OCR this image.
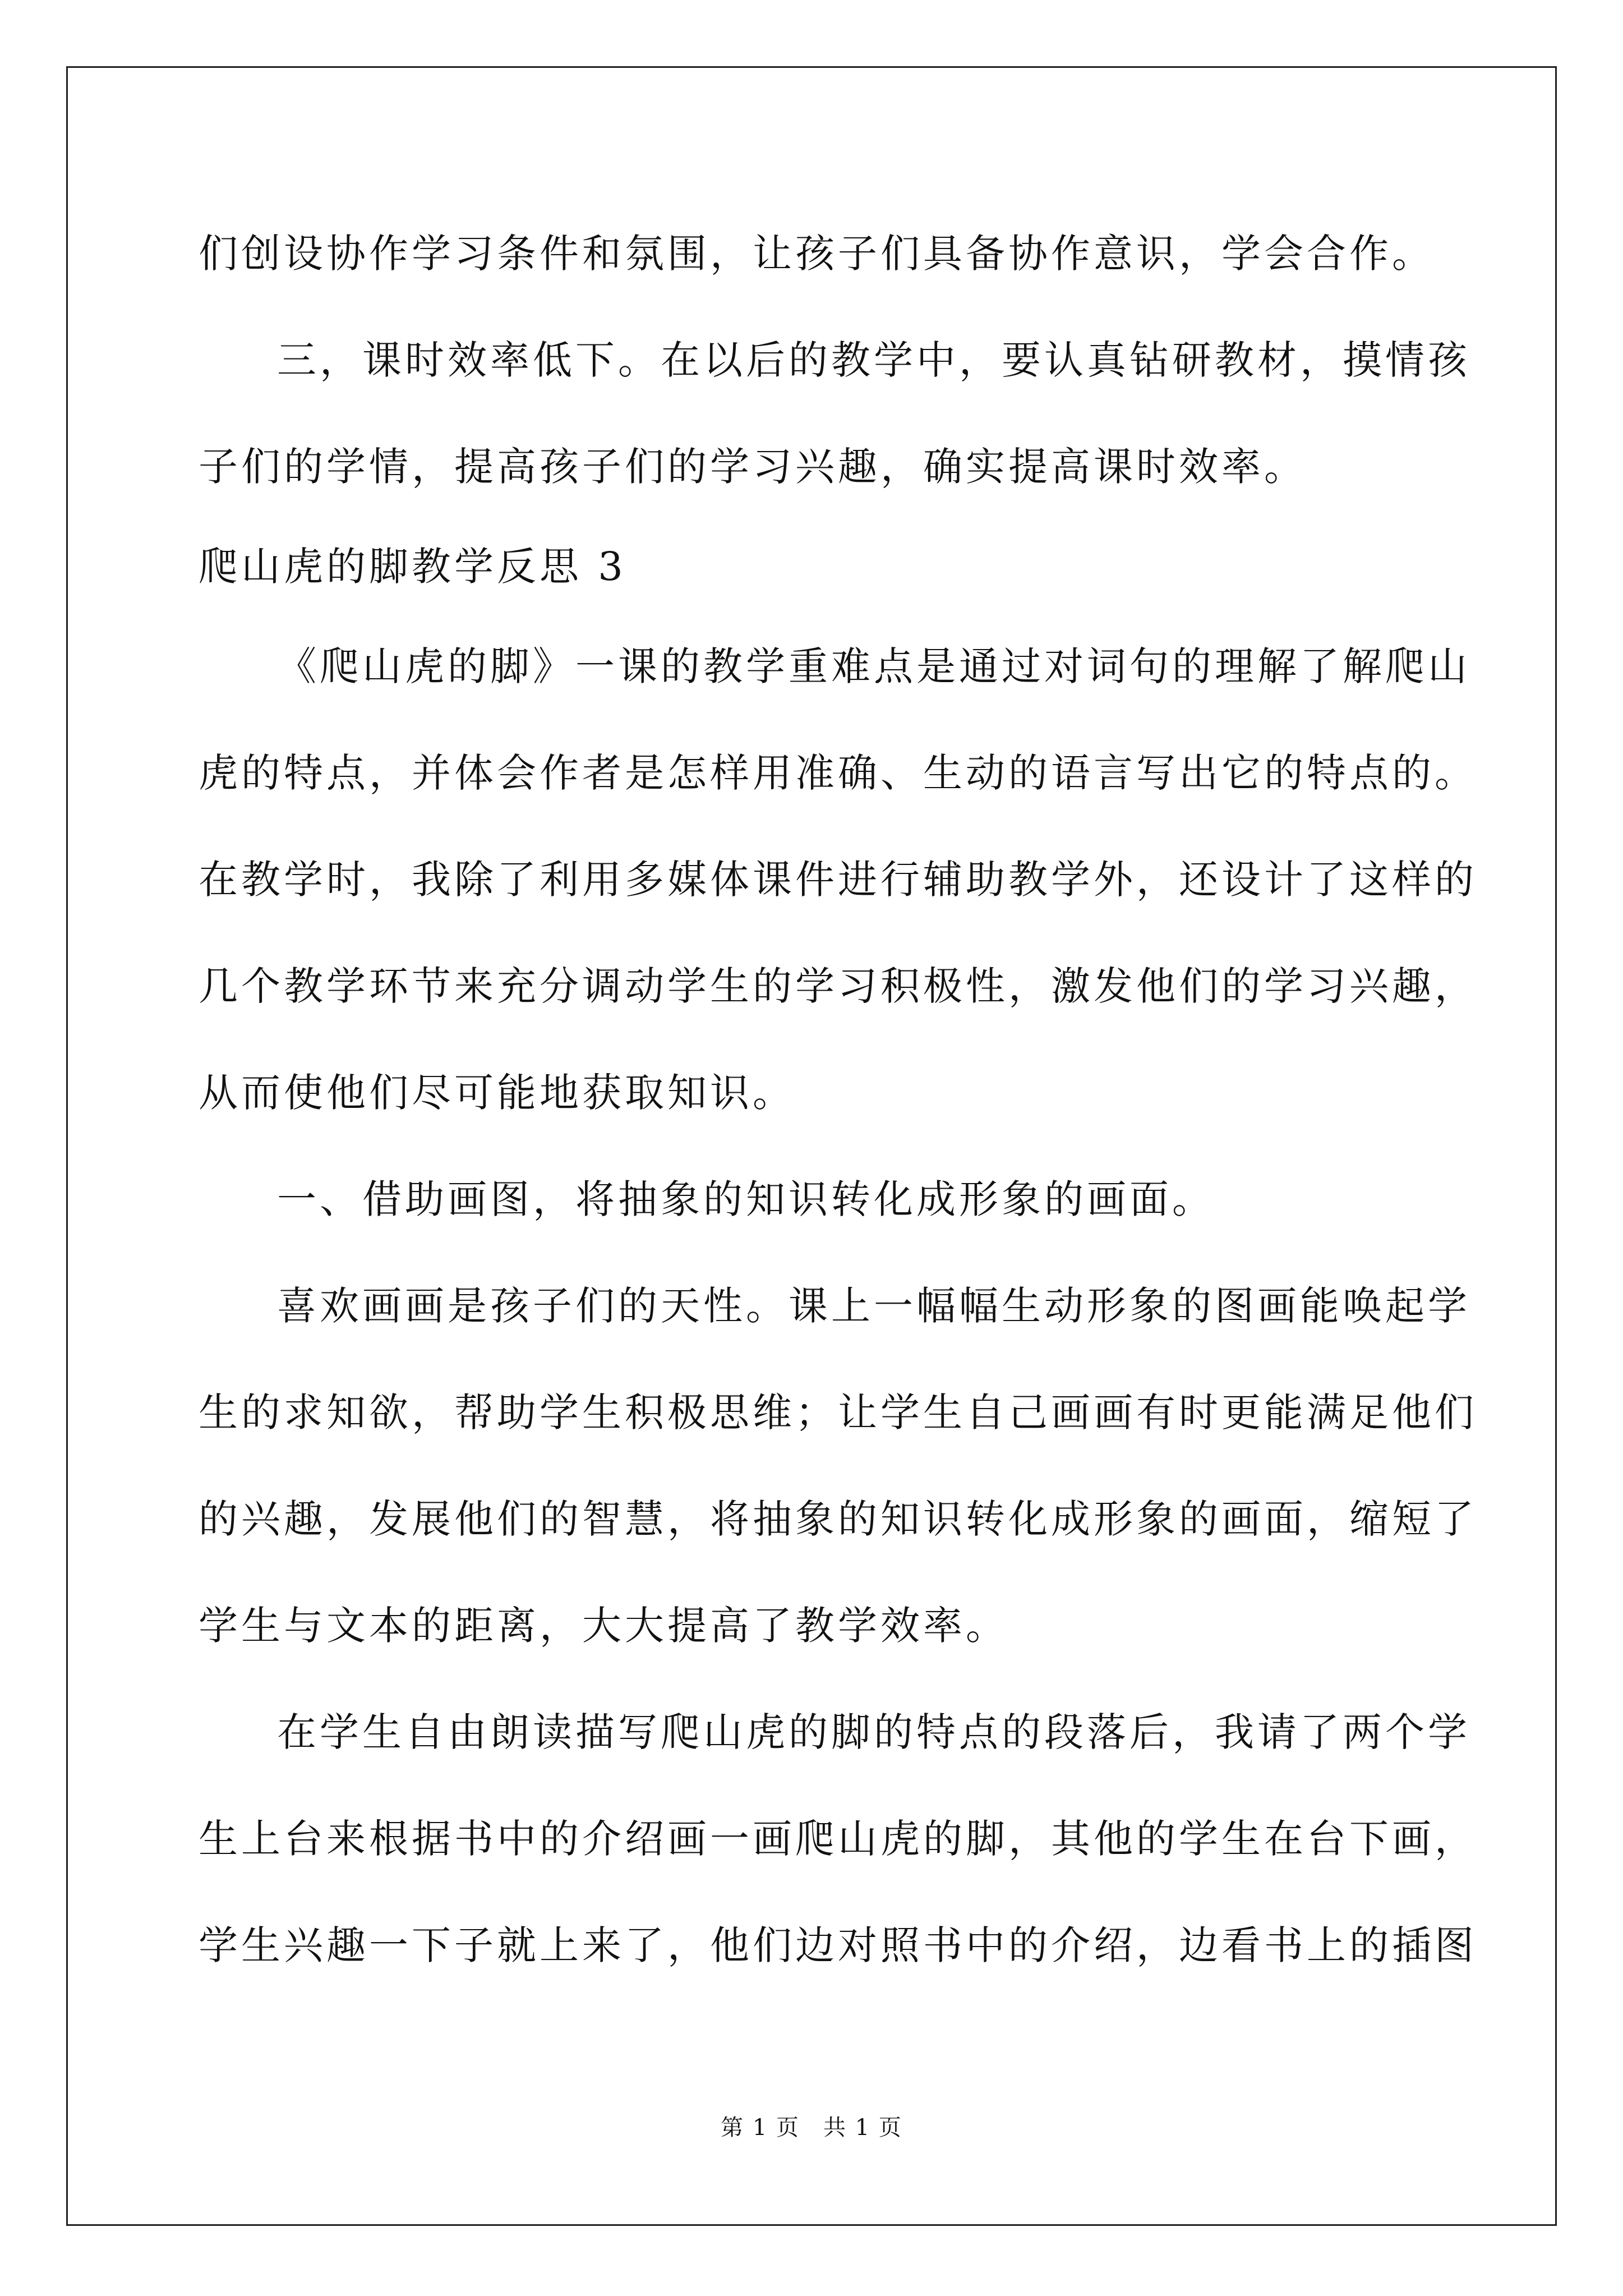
们创设协作学习条件和氛围，让孩子们具备协作意识，学会合作。
三，课时效率低下。在以后的教学中，要认真钻研教材，摸情孩
子们的学情，提高孩子们的学习兴趣，确实提高课时效率。
爬山虎的脚教学反思 3
《爬山虎的脚》一课的教学重难点是通过对词句的理解了解爬山
虎的特点，并体会作者是怎样用准确、生动的语言写出它的特点的。
在教学时，我除了利用多媒体课件进行辅助教学外，还设计了这样的
几个教学环节来充分调动学生的学习积极性，激发他们的学习兴趣，
从而使他们尽可能地获取知识。
一、借助画图，将抽象的知识转化成形象的画面。
喜欢画画是孩子们的天性。课上一幅幅生动形象的图画能唤起学
生的求知欲，帮助学生积极思维；让学生自己画画有时更能满足他们
的兴趣，发展他们的智慧，将抽象的知识转化成形象的画面，缩短了
学生与文本的距离，大大提高了教学效率。
在学生自由朗读描写爬山虎的脚的特点的段落后，我请了两个学
生上台来根据书中的介绍画一画爬山虎的脚，其他的学生在台下画，
学生兴趣一下子就上来了，他们边对照书中的介绍，边看书上的插图
第 1 页　共 1 页
